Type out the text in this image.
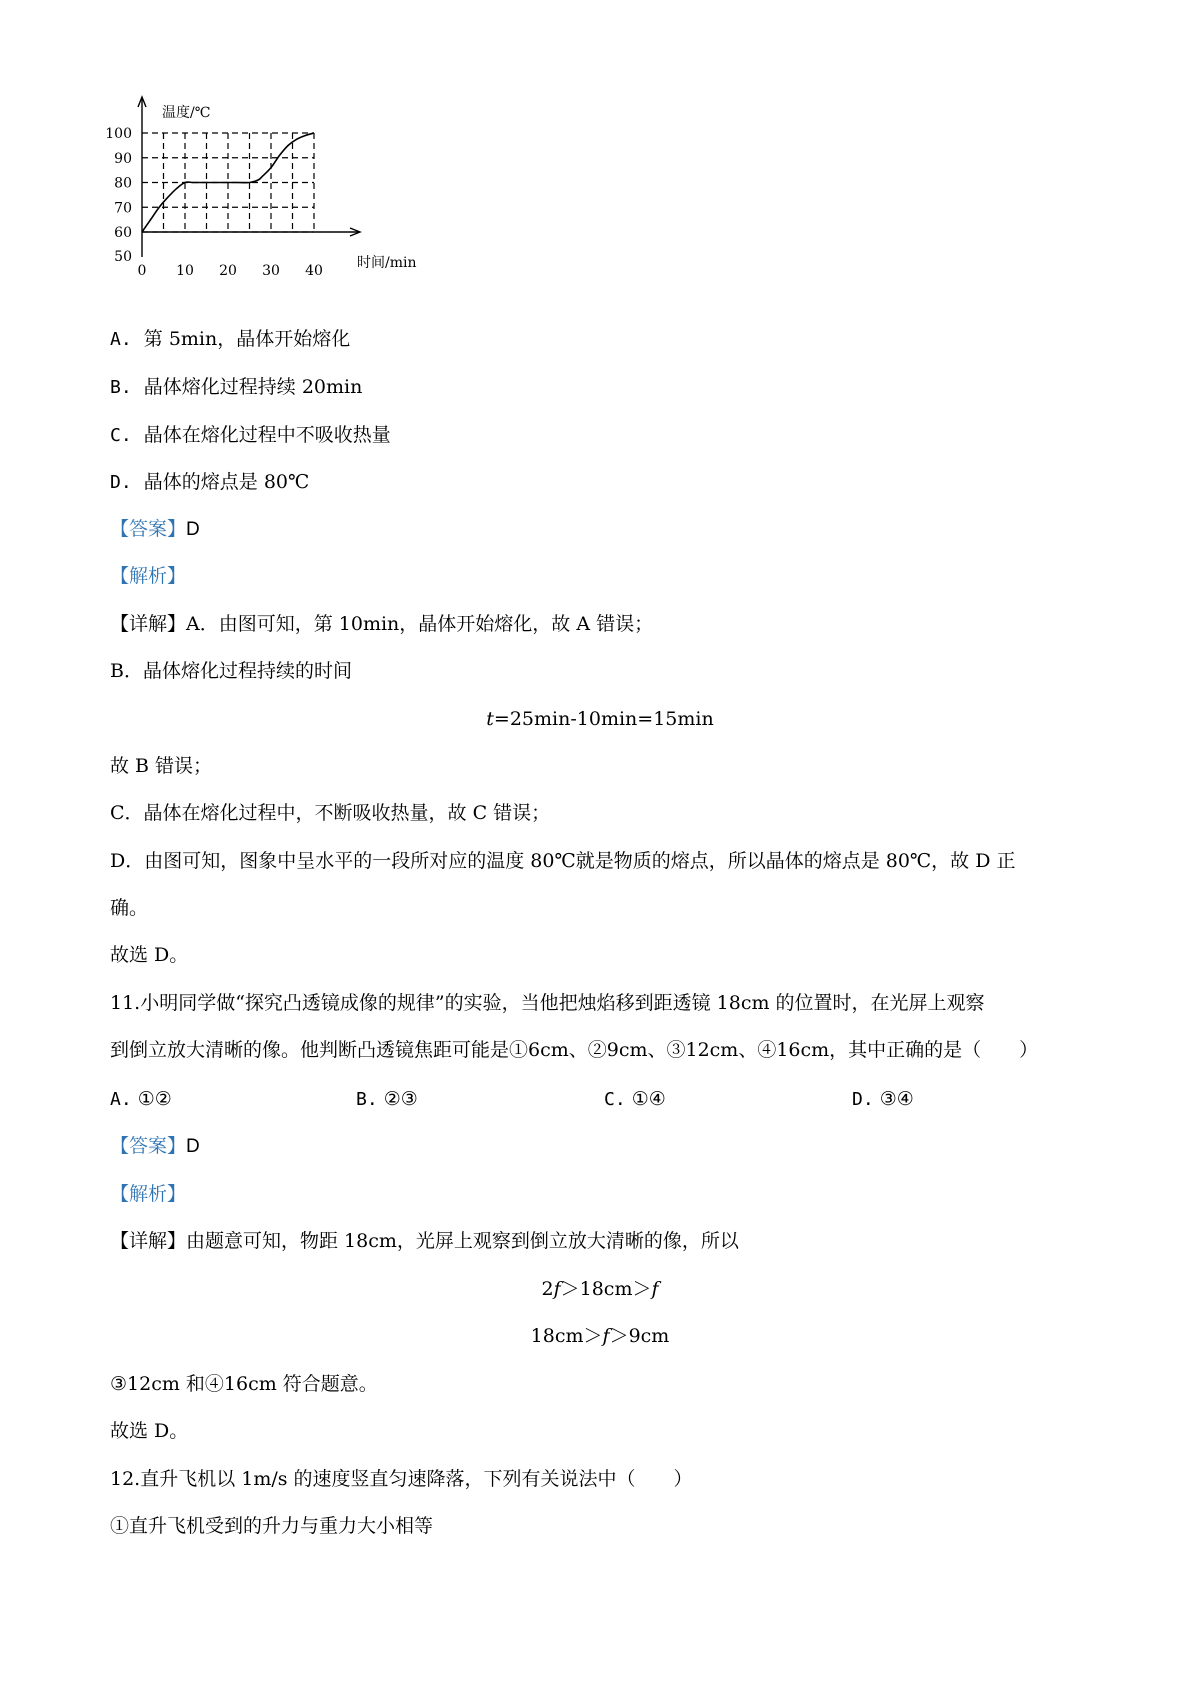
50
60
70
80
90
100
0 10 20 30 40
温度/℃
时间/min
A. 第 5min，晶体开始熔化
B. 晶体熔化过程持续 20min
C. 晶体在熔化过程中不吸收热量
D. 晶体的熔点是 80℃
【答案】D
【解析】
【详解】A．由图可知，第 10min，晶体开始熔化，故 A 错误；
B．晶体熔化过程持续的时间
t=25min-10min=15min
故 B 错误；
C．晶体在熔化过程中，不断吸收热量，故 C 错误；
D．由图可知，图象中呈水平的一段所对应的温度 80℃就是物质的熔点，所以晶体的熔点是 80℃，故 D 正
确。
故选 D。
11.小明同学做“探究凸透镜成像的规律”的实验，当他把烛焰移到距透镜 18cm 的位置时，在光屏上观察
到倒立放大清晰的像。他判断凸透镜焦距可能是①6cm、②9cm、③12cm、④16cm，其中正确的是（　　）
A. ①②	B. ②③	C. ①④	D. ③④
【答案】D
【解析】
【详解】由题意可知，物距 18cm，光屏上观察到倒立放大清晰的像，所以
2f＞18cm＞f
18cm＞f＞9cm
③12cm 和④16cm 符合题意。
故选 D。
12.直升飞机以 1m/s 的速度竖直匀速降落，下列有关说法中（　　）
①直升飞机受到的升力与重力大小相等
